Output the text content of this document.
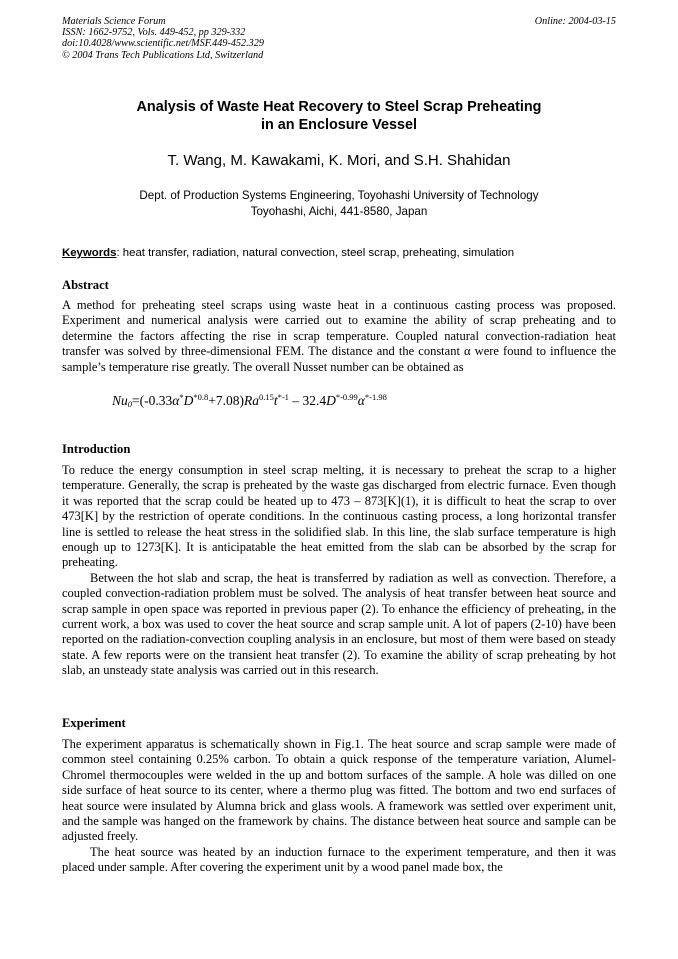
Materials Science Forum
ISSN: 1662-9752, Vols. 449-452, pp 329-332
doi:10.4028/www.scientific.net/MSF.449-452.329
© 2004 Trans Tech Publications Ltd, Switzerland
Online: 2004-03-15
Analysis of Waste Heat Recovery to Steel Scrap Preheating
in an Enclosure Vessel
T. Wang, M. Kawakami, K. Mori, and S.H. Shahidan
Dept. of Production Systems Engineering, Toyohashi University of Technology
Toyohashi, Aichi, 441-8580, Japan
Keywords: heat transfer, radiation, natural convection, steel scrap, preheating, simulation
Abstract

A method for preheating steel scraps using waste heat in a continuous casting process was proposed. Experiment and numerical analysis were carried out to examine the ability of scrap preheating and to determine the factors affecting the rise in scrap temperature. Coupled natural convection-radiation heat transfer was solved by three-dimensional FEM. The distance and the constant α were found to influence the sample’s temperature rise greatly. The overall Nusset number can be obtained as

$Nu_0=(-0.33\alpha^*D^{*0.8}+7.08)Ra^{0.15}t^{*-1} - 32.4D^{*-0.99}\alpha^{*-1.98}$
Introduction

To reduce the energy consumption in steel scrap melting, it is necessary to preheat the scrap to a higher temperature. Generally, the scrap is preheated by the waste gas discharged from electric furnace. Even though it was reported that the scrap could be heated up to 473 – 873[K](1), it is difficult to heat the scrap to over 473[K] by the restriction of operate conditions. In the continuous casting process, a long horizontal transfer line is settled to release the heat stress in the solidified slab. In this line, the slab surface temperature is high enough up to 1273[K]. It is anticipatable the heat emitted from the slab can be absorbed by the scrap for preheating.

Between the hot slab and scrap, the heat is transferred by radiation as well as convection. Therefore, a coupled convection-radiation problem must be solved. The analysis of heat transfer between heat source and scrap sample in open space was reported in previous paper (2). To enhance the efficiency of preheating, in the current work, a box was used to cover the heat source and scrap sample unit. A lot of papers (2-10) have been reported on the radiation-convection coupling analysis in an enclosure, but most of them were based on steady state. A few reports were on the transient heat transfer (2). To examine the ability of scrap preheating by hot slab, an unsteady state analysis was carried out in this research.

Experiment

The experiment apparatus is schematically shown in Fig.1. The heat source and scrap sample were made of common steel containing 0.25% carbon. To obtain a quick response of the temperature variation, Alumel-Chromel thermocouples were welded in the up and bottom surfaces of the sample. A hole was dilled on one side surface of heat source to its center, where a thermo plug was fitted. The bottom and two end surfaces of heat source were insulated by Alumna brick and glass wools. A framework was settled over experiment unit, and the sample was hanged on the framework by chains. The distance between heat source and sample can be adjusted freely.

The heat source was heated by an induction furnace to the experiment temperature, and then it was placed under sample. After covering the experiment unit by a wood panel made box, the
